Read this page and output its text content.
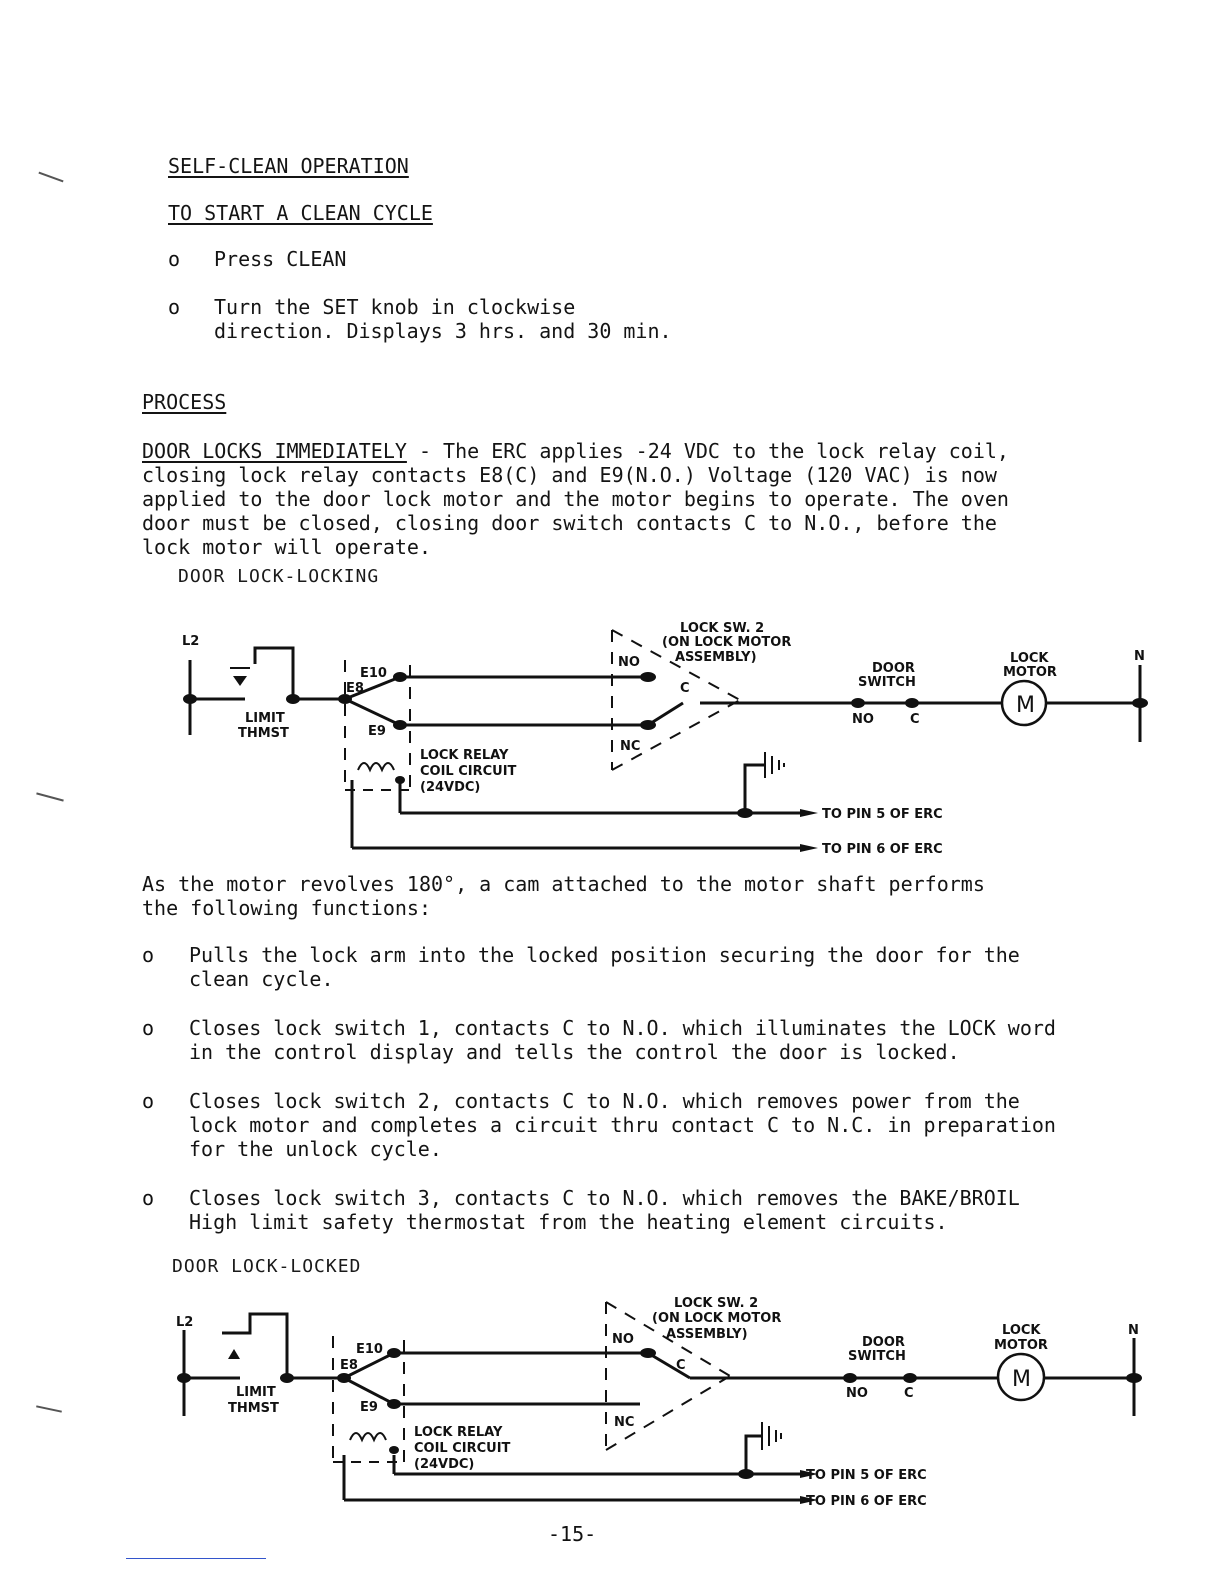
SELF-CLEAN OPERATION
TO START A CLEAN CYCLE
o Press CLEAN
o Turn the SET knob in clockwise
direction. Displays 3 hrs. and 30 min.
PROCESS
DOOR LOCKS IMMEDIATELY - The ERC applies -24 VDC to the lock relay coil,
closing lock relay contacts E8(C) and E9(N.O.) Voltage (120 VAC) is now
applied to the door lock motor and the motor begins to operate. The oven
door must be closed, closing door switch contacts C to N.O., before the
lock motor will operate.
DOOR LOCK-LOCKING
L2
LIMIT
THMST
E10
E8
E9
LOCK RELAY
COIL CIRCUIT
(24VDC)
LOCK SW. 2
(ON LOCK MOTOR
ASSEMBLY)
NO
C
NC
DOOR
SWITCH
NO	C
LOCK
MOTOR
M
N
TO PIN 5 OF ERC
TO PIN 6 OF ERC
As the motor revolves 180°, a cam attached to the motor shaft performs
the following functions:
o Pulls the lock arm into the locked position securing the door for the
clean cycle.
o Closes lock switch 1, contacts C to N.O. which illuminates the LOCK word
in the control display and tells the control the door is locked.
o Closes lock switch 2, contacts C to N.O. which removes power from the
lock motor and completes a circuit thru contact C to N.C. in preparation
for the unlock cycle.
o Closes lock switch 3, contacts C to N.O. which removes the BAKE/BROIL
High limit safety thermostat from the heating element circuits.
DOOR LOCK-LOCKED
L2
LIMIT
THMST
E10
E8
E9
LOCK RELAY
COIL CIRCUIT
(24VDC)
LOCK SW. 2
(ON LOCK MOTOR
ASSEMBLY)
NO
C
NC
DOOR
SWITCH
NO	C
LOCK
MOTOR
M
N
TO PIN 5 OF ERC
TO PIN 6 OF ERC
-15-
